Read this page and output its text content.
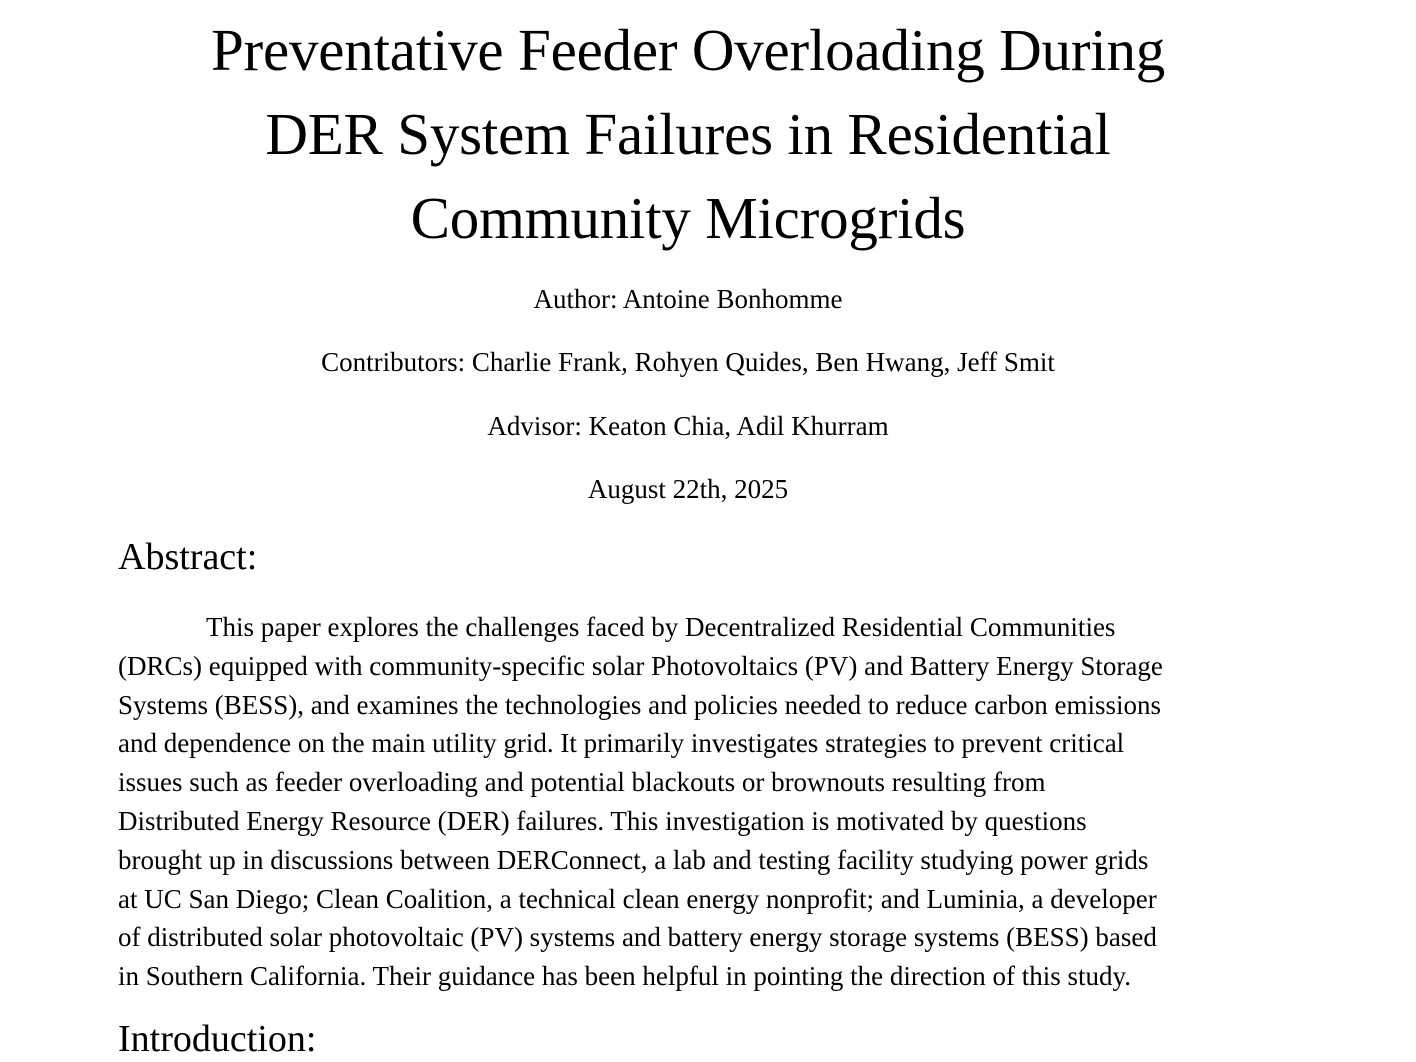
Preventative Feeder Overloading During
DER System Failures in Residential
Community Microgrids

Author: Antoine Bonhomme

Contributors: Charlie Frank, Rohyen Quides, Ben Hwang, Jeff Smit

Advisor: Keaton Chia, Adil Khurram

August 22th, 2025

Abstract:

This paper explores the challenges faced by Decentralized Residential Communities
(DRCs) equipped with community-specific solar Photovoltaics (PV) and Battery Energy Storage
Systems (BESS), and examines the technologies and policies needed to reduce carbon emissions
and dependence on the main utility grid. It primarily investigates strategies to prevent critical
issues such as feeder overloading and potential blackouts or brownouts resulting from
Distributed Energy Resource (DER) failures. This investigation is motivated by questions
brought up in discussions between DERConnect, a lab and testing facility studying power grids
at UC San Diego; Clean Coalition, a technical clean energy nonprofit; and Luminia, a developer
of distributed solar photovoltaic (PV) systems and battery energy storage systems (BESS) based
in Southern California. Their guidance has been helpful in pointing the direction of this study.

Introduction:
